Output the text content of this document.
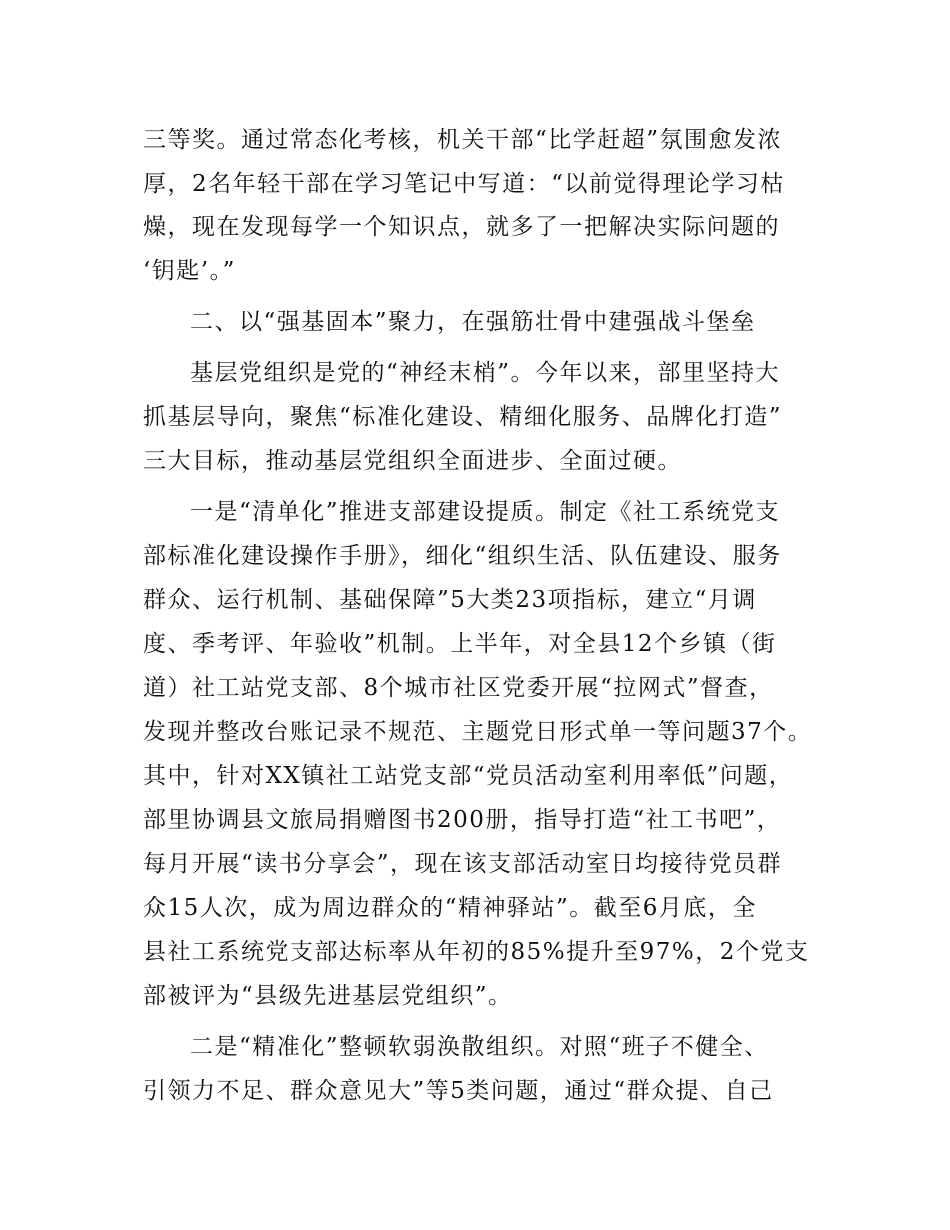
三等奖。通过常态化考核，机关干部“比学赶超”氛围愈发浓
厚，2名年轻干部在学习笔记中写道：“以前觉得理论学习枯
燥，现在发现每学一个知识点，就多了一把解决实际问题的
‘钥匙’。”
二、以“强基固本”聚力，在强筋壮骨中建强战斗堡垒
基层党组织是党的“神经末梢”。今年以来，部里坚持大
抓基层导向，聚焦“标准化建设、精细化服务、品牌化打造”
三大目标，推动基层党组织全面进步、全面过硬。
一是“清单化”推进支部建设提质。制定《社工系统党支
部标准化建设操作手册》，细化“组织生活、队伍建设、服务
群众、运行机制、基础保障”5大类23项指标，建立“月调
度、季考评、年验收”机制。上半年，对全县12个乡镇（街
道）社工站党支部、8个城市社区党委开展“拉网式”督查，
发现并整改台账记录不规范、主题党日形式单一等问题37个。
其中，针对XX镇社工站党支部“党员活动室利用率低”问题，
部里协调县文旅局捐赠图书200册，指导打造“社工书吧”，
每月开展“读书分享会”，现在该支部活动室日均接待党员群
众15人次，成为周边群众的“精神驿站”。截至6月底，全
县社工系统党支部达标率从年初的85%提升至97%，2个党支
部被评为“县级先进基层党组织”。
二是“精准化”整顿软弱涣散组织。对照“班子不健全、
引领力不足、群众意见大”等5类问题，通过“群众提、自己
